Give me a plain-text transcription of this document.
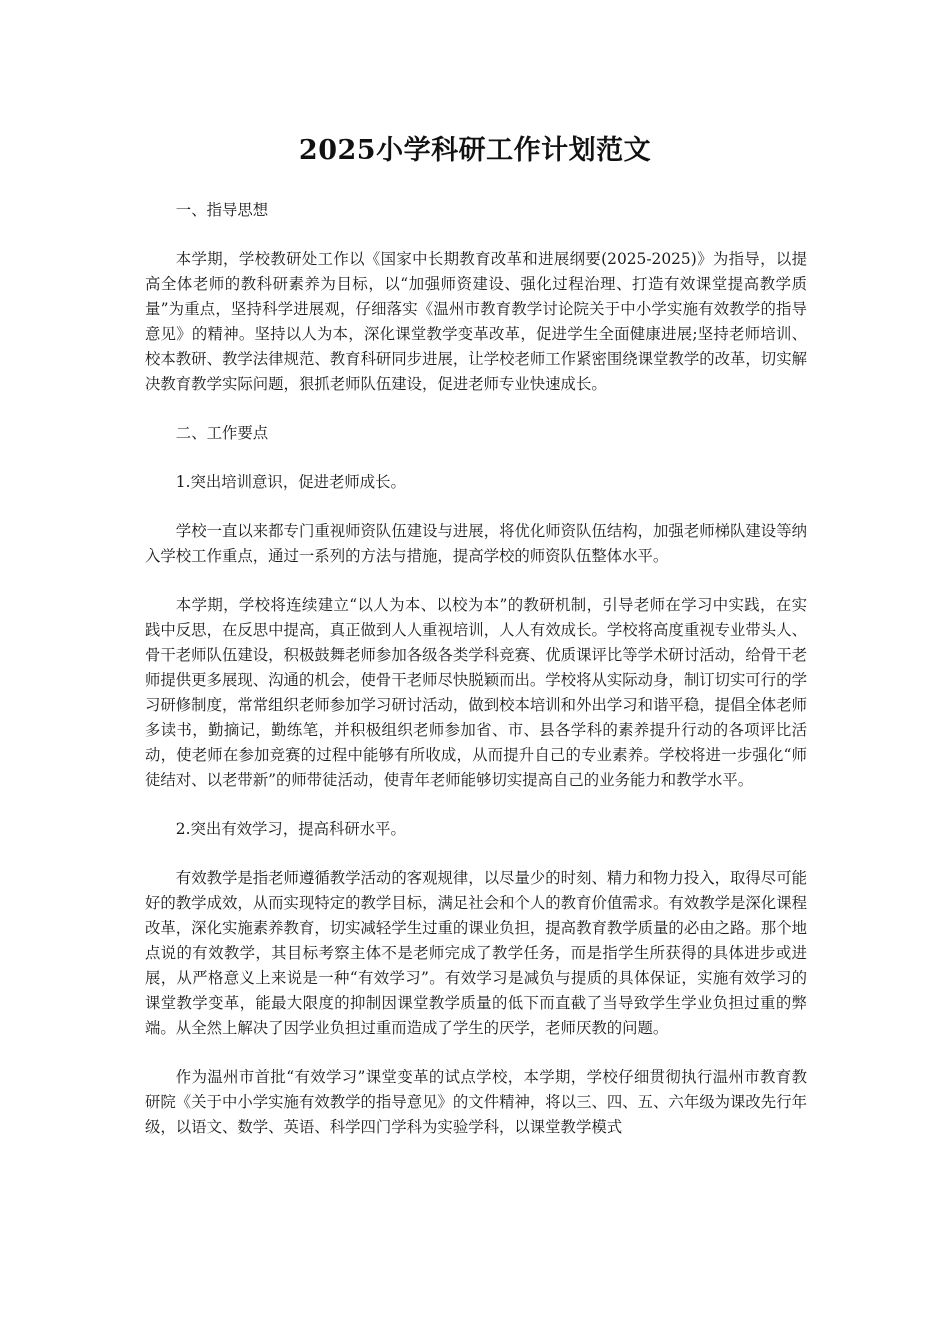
2025小学科研工作计划范文

一、指导思想

本学期，学校教研处工作以《国家中长期教育改革和进展纲要(2025-2025)》为指导，以提高全体老师的教科研素养为目标，以“加强师资建设、强化过程治理、打造有效课堂提高教学质量”为重点，坚持科学进展观，仔细落实《温州市教育教学讨论院关于中小学实施有效教学的指导意见》的精神。坚持以人为本，深化课堂教学变革改革，促进学生全面健康进展;坚持老师培训、校本教研、教学法律规范、教育科研同步进展，让学校老师工作紧密围绕课堂教学的改革，切实解决教育教学实际问题，狠抓老师队伍建设，促进老师专业快速成长。

二、工作要点

1.突出培训意识，促进老师成长。

学校一直以来都专门重视师资队伍建设与进展，将优化师资队伍结构，加强老师梯队建设等纳入学校工作重点，通过一系列的方法与措施，提高学校的师资队伍整体水平。

本学期，学校将连续建立“以人为本、以校为本”的教研机制，引导老师在学习中实践，在实践中反思，在反思中提高，真正做到人人重视培训，人人有效成长。学校将高度重视专业带头人、骨干老师队伍建设，积极鼓舞老师参加各级各类学科竞赛、优质课评比等学术研讨活动，给骨干老师提供更多展现、沟通的机会，使骨干老师尽快脱颖而出。学校将从实际动身，制订切实可行的学习研修制度，常常组织老师参加学习研讨活动，做到校本培训和外出学习和谐平稳，提倡全体老师多读书，勤摘记，勤练笔，并积极组织老师参加省、市、县各学科的素养提升行动的各项评比活动，使老师在参加竞赛的过程中能够有所收成，从而提升自己的专业素养。学校将进一步强化“师徒结对、以老带新”的师带徒活动，使青年老师能够切实提高自己的业务能力和教学水平。

2.突出有效学习，提高科研水平。

有效教学是指老师遵循教学活动的客观规律，以尽量少的时刻、精力和物力投入，取得尽可能好的教学成效，从而实现特定的教学目标，满足社会和个人的教育价值需求。有效教学是深化课程改革，深化实施素养教育，切实减轻学生过重的课业负担，提高教育教学质量的必由之路。那个地点说的有效教学，其目标考察主体不是老师完成了教学任务，而是指学生所获得的具体进步或进展，从严格意义上来说是一种“有效学习”。有效学习是减负与提质的具体保证，实施有效学习的课堂教学变革，能最大限度的抑制因课堂教学质量的低下而直截了当导致学生学业负担过重的弊端。从全然上解决了因学业负担过重而造成了学生的厌学，老师厌教的问题。

作为温州市首批“有效学习”课堂变革的试点学校，本学期，学校仔细贯彻执行温州市教育教研院《关于中小学实施有效教学的指导意见》的文件精神，将以三、四、五、六年级为课改先行年级，以语文、数学、英语、科学四门学科为实验学科，以课堂教学模式
